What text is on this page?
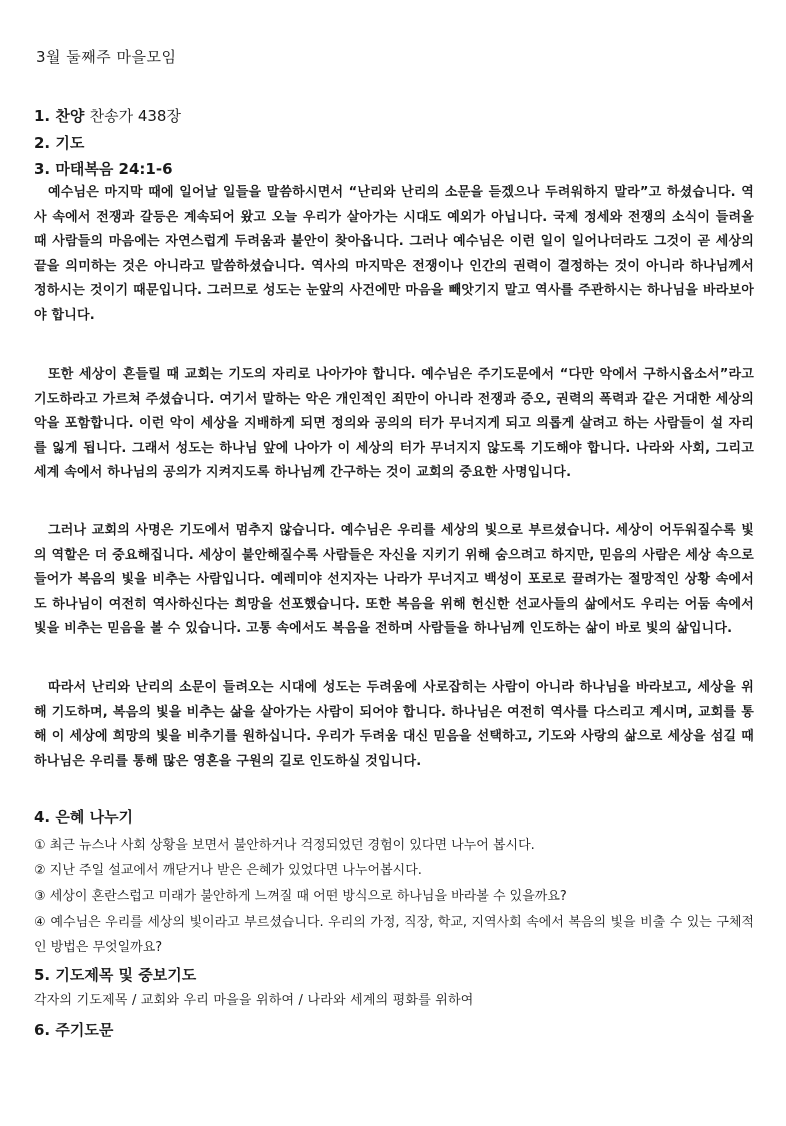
3월 둘째주 마을모임
1. 찬양 찬송가 438장
2. 기도
3. 마태복음 24:1-6
예수님은 마지막 때에 일어날 일들을 말씀하시면서 “난리와 난리의 소문을 듣겠으나 두려워하지 말라”고 하셨습니다. 역사 속에서 전쟁과 갈등은 계속되어 왔고 오늘 우리가 살아가는 시대도 예외가 아닙니다. 국제 정세와 전쟁의 소식이 들려올 때 사람들의 마음에는 자연스럽게 두려움과 불안이 찾아옵니다. 그러나 예수님은 이런 일이 일어나더라도 그것이 곧 세상의 끝을 의미하는 것은 아니라고 말씀하셨습니다. 역사의 마지막은 전쟁이나 인간의 권력이 결정하는 것이 아니라 하나님께서 정하시는 것이기 때문입니다. 그러므로 성도는 눈앞의 사건에만 마음을 빼앗기지 말고 역사를 주관하시는 하나님을 바라보아야 합니다.
또한 세상이 흔들릴 때 교회는 기도의 자리로 나아가야 합니다. 예수님은 주기도문에서 “다만 악에서 구하시옵소서”라고 기도하라고 가르쳐 주셨습니다. 여기서 말하는 악은 개인적인 죄만이 아니라 전쟁과 증오, 권력의 폭력과 같은 거대한 세상의 악을 포함합니다. 이런 악이 세상을 지배하게 되면 정의와 공의의 터가 무너지게 되고 의롭게 살려고 하는 사람들이 설 자리를 잃게 됩니다. 그래서 성도는 하나님 앞에 나아가 이 세상의 터가 무너지지 않도록 기도해야 합니다. 나라와 사회, 그리고 세계 속에서 하나님의 공의가 지켜지도록 하나님께 간구하는 것이 교회의 중요한 사명입니다.
그러나 교회의 사명은 기도에서 멈추지 않습니다. 예수님은 우리를 세상의 빛으로 부르셨습니다. 세상이 어두워질수록 빛의 역할은 더 중요해집니다. 세상이 불안해질수록 사람들은 자신을 지키기 위해 숨으려고 하지만, 믿음의 사람은 세상 속으로 들어가 복음의 빛을 비추는 사람입니다. 예레미야 선지자는 나라가 무너지고 백성이 포로로 끌려가는 절망적인 상황 속에서도 하나님이 여전히 역사하신다는 희망을 선포했습니다. 또한 복음을 위해 헌신한 선교사들의 삶에서도 우리는 어둠 속에서 빛을 비추는 믿음을 볼 수 있습니다. 고통 속에서도 복음을 전하며 사람들을 하나님께 인도하는 삶이 바로 빛의 삶입니다.
따라서 난리와 난리의 소문이 들려오는 시대에 성도는 두려움에 사로잡히는 사람이 아니라 하나님을 바라보고, 세상을 위해 기도하며, 복음의 빛을 비추는 삶을 살아가는 사람이 되어야 합니다. 하나님은 여전히 역사를 다스리고 계시며, 교회를 통해 이 세상에 희망의 빛을 비추기를 원하십니다. 우리가 두려움 대신 믿음을 선택하고, 기도와 사랑의 삶으로 세상을 섬길 때 하나님은 우리를 통해 많은 영혼을 구원의 길로 인도하실 것입니다.
4. 은혜 나누기
① 최근 뉴스나 사회 상황을 보면서 불안하거나 걱정되었던 경험이 있다면 나누어 봅시다.
② 지난 주일 설교에서 깨닫거나 받은 은혜가 있었다면 나누어봅시다.
③ 세상이 혼란스럽고 미래가 불안하게 느껴질 때 어떤 방식으로 하나님을 바라볼 수 있을까요?
④ 예수님은 우리를 세상의 빛이라고 부르셨습니다. 우리의 가정, 직장, 학교, 지역사회 속에서 복음의 빛을 비출 수 있는 구체적인 방법은 무엇일까요?
5. 기도제목 및 중보기도
각자의 기도제목 / 교회와 우리 마을을 위하여 / 나라와 세계의 평화를 위하여
6. 주기도문
